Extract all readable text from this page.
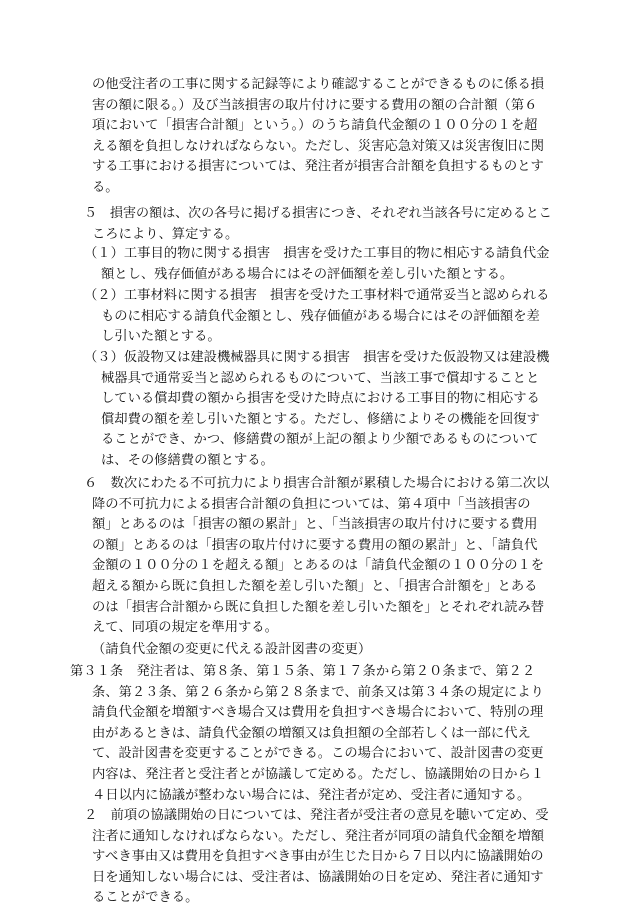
の他受注者の工事に関する記録等により確認することができるものに係る損
害の額に限る。）及び当該損害の取片付けに要する費用の額の合計額（第６
項において「損害合計額」という。）のうち請負代金額の１００分の１を超
える額を負担しなければならない。ただし、災害応急対策又は災害復旧に関
する工事における損害については、発注者が損害合計額を負担するものとす
る。
５　損害の額は、次の各号に掲げる損害につき、それぞれ当該各号に定めるとこ
ころにより、算定する。
（１）工事目的物に関する損害　損害を受けた工事目的物に相応する請負代金
額とし、残存価値がある場合にはその評価額を差し引いた額とする。
（２）工事材料に関する損害　損害を受けた工事材料で通常妥当と認められる
ものに相応する請負代金額とし、残存価値がある場合にはその評価額を差
し引いた額とする。
（３）仮設物又は建設機械器具に関する損害　損害を受けた仮設物又は建設機
械器具で通常妥当と認められるものについて、当該工事で償却することと
している償却費の額から損害を受けた時点における工事目的物に相応する
償却費の額を差し引いた額とする。ただし、修繕によりその機能を回復す
ることができ、かつ、修繕費の額が上記の額より少額であるものについて
は、その修繕費の額とする。
６　数次にわたる不可抗力により損害合計額が累積した場合における第二次以
降の不可抗力による損害合計額の負担については、第４項中「当該損害の
額」とあるのは「損害の額の累計」と、「当該損害の取片付けに要する費用
の額」とあるのは「損害の取片付けに要する費用の額の累計」と、「請負代
金額の１００分の１を超える額」とあるのは「請負代金額の１００分の１を
超える額から既に負担した額を差し引いた額」と、「損害合計額を」とある
のは「損害合計額から既に負担した額を差し引いた額を」とそれぞれ読み替
えて、同項の規定を準用する。
（請負代金額の変更に代える設計図書の変更）
第３１条　発注者は、第８条、第１５条、第１７条から第２０条まで、第２２
条、第２３条、第２６条から第２８条まで、前条又は第３４条の規定により
請負代金額を増額すべき場合又は費用を負担すべき場合において、特別の理
由があるときは、請負代金額の増額又は負担額の全部若しくは一部に代え
て、設計図書を変更することができる。この場合において、設計図書の変更
内容は、発注者と受注者とが協議して定める。ただし、協議開始の日から１
４日以内に協議が整わない場合には、発注者が定め、受注者に通知する。
２　前項の協議開始の日については、発注者が受注者の意見を聴いて定め、受
注者に通知しなければならない。ただし、発注者が同項の請負代金額を増額
すべき事由又は費用を負担すべき事由が生じた日から７日以内に協議開始の
日を通知しない場合には、受注者は、協議開始の日を定め、発注者に通知す
ることができる。
